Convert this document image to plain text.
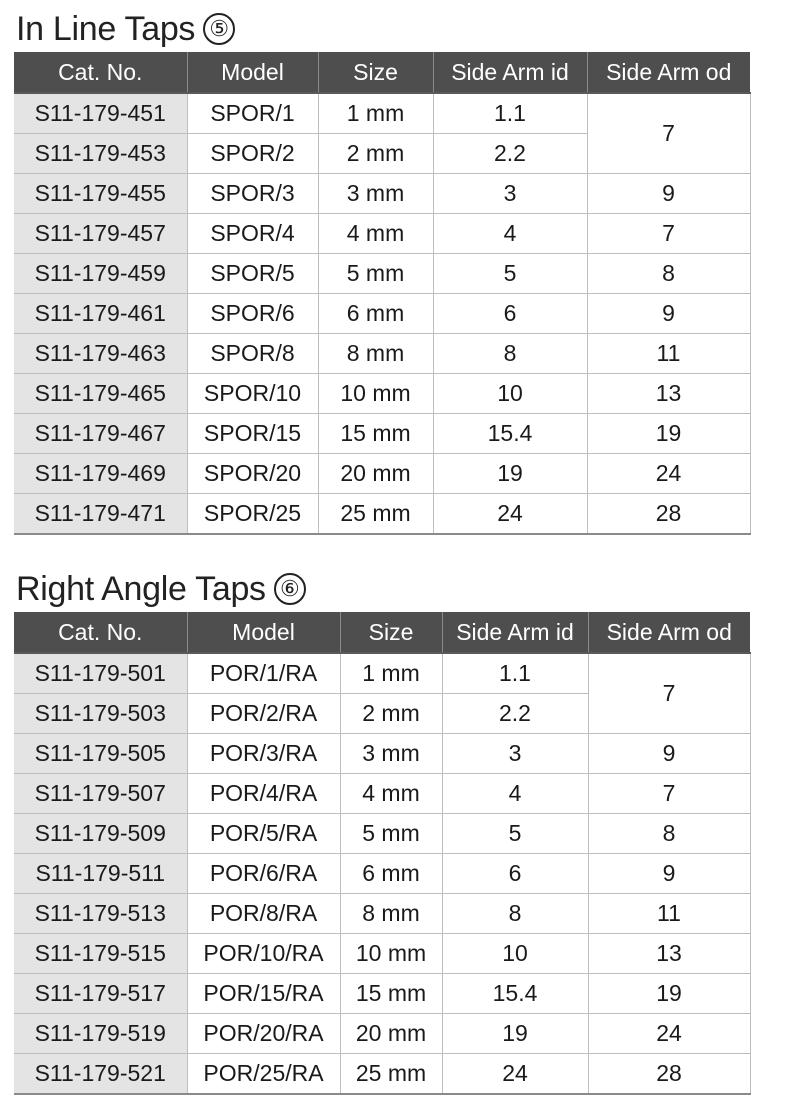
In Line Taps ⑤
Cat. No.	Model	Size	Side Arm id	Side Arm od
S11-179-451	SPOR/1	1 mm	1.1	7
S11-179-453	SPOR/2	2 mm	2.2	
S11-179-455	SPOR/3	3 mm	3	9
S11-179-457	SPOR/4	4 mm	4	7
S11-179-459	SPOR/5	5 mm	5	8
S11-179-461	SPOR/6	6 mm	6	9
S11-179-463	SPOR/8	8 mm	8	11
S11-179-465	SPOR/10	10 mm	10	13
S11-179-467	SPOR/15	15 mm	15.4	19
S11-179-469	SPOR/20	20 mm	19	24
S11-179-471	SPOR/25	25 mm	24	28
Right Angle Taps ⑥
Cat. No.	Model	Size	Side Arm id	Side Arm od
S11-179-501	POR/1/RA	1 mm	1.1	7
S11-179-503	POR/2/RA	2 mm	2.2	
S11-179-505	POR/3/RA	3 mm	3	9
S11-179-507	POR/4/RA	4 mm	4	7
S11-179-509	POR/5/RA	5 mm	5	8
S11-179-511	POR/6/RA	6 mm	6	9
S11-179-513	POR/8/RA	8 mm	8	11
S11-179-515	POR/10/RA	10 mm	10	13
S11-179-517	POR/15/RA	15 mm	15.4	19
S11-179-519	POR/20/RA	20 mm	19	24
S11-179-521	POR/25/RA	25 mm	24	28
